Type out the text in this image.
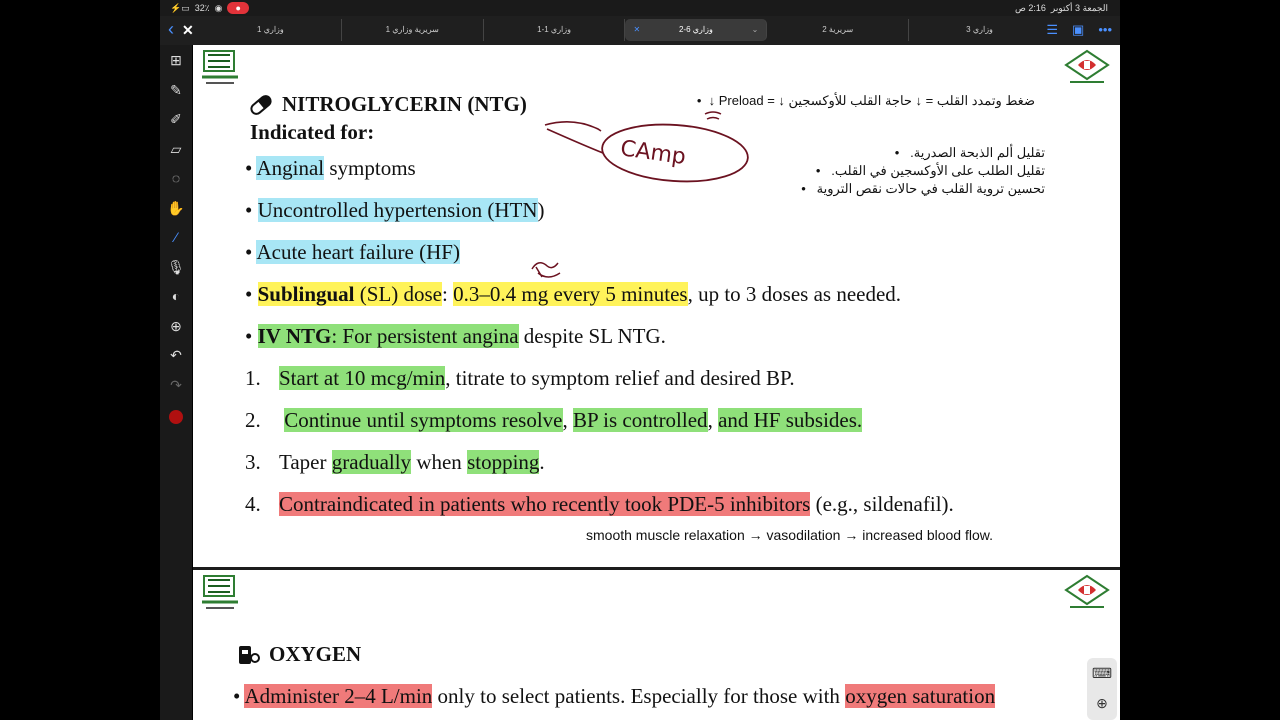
⚡▭ 32٪ ◉	●	الجمعة 3 أكتوبر  2:16 ص
‹ ✕	وزاري 1	سريرية وزاري 1	وزاري 1-1	✕	وزاري 6-2	⌄	سريرية 2	وزاري 3	☰ ▣ •••
⊞
✎
✐
▱
◌
✋
⁄
🎙
◐
⊕
↶
↷
NITROGLYCERIN (NTG)
Indicated for:
• Anginal symptoms
• Uncontrolled hypertension (HTN)
• Acute heart failure (HF)
• Sublingual (SL) dose: 0.3–0.4 mg every 5 minutes, up to 3 doses as needed.
• IV NTG: For persistent angina despite SL NTG.
1. Start at 10 mcg/min, titrate to symptom relief and desired BP.
2. Continue until symptoms resolve, BP is controlled, and HF subsides.
3. Taper gradually when stopping.
4. Contraindicated in patients who recently took PDE-5 inhibitors (e.g., sildenafil).
ضغط وتمدد القلب = ↓ حاجة القلب للأوكسجين ↓ = Preload ↓  •
تقليل ألم الذبحة الصدرية.   •
تقليل الطلب على الأوكسجين في القلب.   •
تحسين تروية القلب في حالات نقص التروية   •
smooth muscle relaxation → vasodilation → increased blood flow.
CAmp
OXYGEN
• Administer 2–4 L/min only to select patients. Especially for those with oxygen saturation
⌨
⊕
